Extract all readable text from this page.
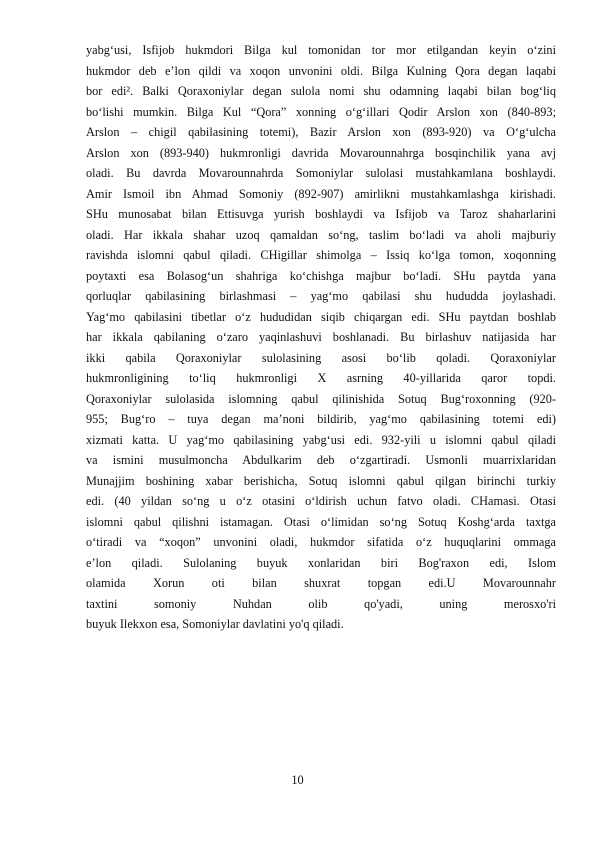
yabg‘usi, Isfijob hukmdori Bilga kul tomonidan tor mor etilgandan keyin o‘zini
hukmdor deb e’lon qildi va xoqon unvonini oldi. Bilga Kulning Qora degan laqabi
bor edi². Balki Qoraxoniylar degan sulola nomi shu odamning laqabi bilan bog‘liq
bo‘lishi mumkin. Bilga Kul “Qora” xonning o‘g‘illari Qodir Arslon xon (840-893;
Arslon – chigil qabilasining totemi), Bazir Arslon xon (893-920) va O‘g‘ulcha
Arslon xon (893-940) hukmronligi davrida Movarounnahrga bosqinchilik yana avj
oladi. Bu davrda Movarounnahrda Somoniylar sulolasi mustahkamlana boshlaydi.
Amir Ismoil ibn Ahmad Somoniy (892-907) amirlikni mustahkamlashga kirishadi.
SHu munosabat bilan Ettisuvga yurish boshlaydi va Isfijob va Taroz shaharlarini
oladi. Har ikkala shahar uzoq qamaldan so‘ng, taslim bo‘ladi va aholi majburiy
ravishda islomni qabul qiladi. CHigillar shimolga – Issiq ko‘lga tomon, xoqonning
poytaxti esa Bolasog‘un shahriga ko‘chishga majbur bo‘ladi. SHu paytda yana
qorluqlar qabilasining birlashmasi – yag‘mo qabilasi shu hududda joylashadi.
Yag‘mo qabilasini tibetlar o‘z hududidan siqib chiqargan edi. SHu paytdan boshlab
har ikkala qabilaning o‘zaro yaqinlashuvi boshlanadi. Bu birlashuv natijasida har
ikki qabila Qoraxoniylar sulolasining asosi bo‘lib qoladi. Qoraxoniylar
hukmronligining to‘liq hukmronligi X asrning 40-yillarida qaror topdi.
Qoraxoniylar sulolasida islomning qabul qilinishida Sotuq Bug‘roxonning (920-
955; Bug‘ro – tuya degan ma’noni bildirib, yag‘mo qabilasining totemi edi)
xizmati katta. U yag‘mo qabilasining yabg‘usi edi. 932-yili u islomni qabul qiladi
va ismini musulmoncha Abdulkarim deb o‘zgartiradi. Usmonli muarrixlaridan
Munajjim boshining xabar berishicha, Sotuq islomni qabul qilgan birinchi turkiy
edi. (40 yildan so‘ng u o‘z otasini o‘ldirish uchun fatvo oladi. CHamasi. Otasi
islomni qabul qilishni istamagan. Otasi o‘limidan so‘ng Sotuq Koshg‘arda taxtga
o‘tiradi va “xoqon” unvonini oladi, hukmdor sifatida o‘z huquqlarini ommaga
e’lon qiladi. Sulolaning buyuk xonlaridan biri Bog'raxon edi, Islom
olamida Xorun oti bilan shuxrat topgan edi.U Movarounnahr
taxtini somoniy Nuhdan olib qo'yadi, uning merosxo'ri
buyuk Ilekxon esa, Somoniylar davlatini yo'q qiladi.
10
